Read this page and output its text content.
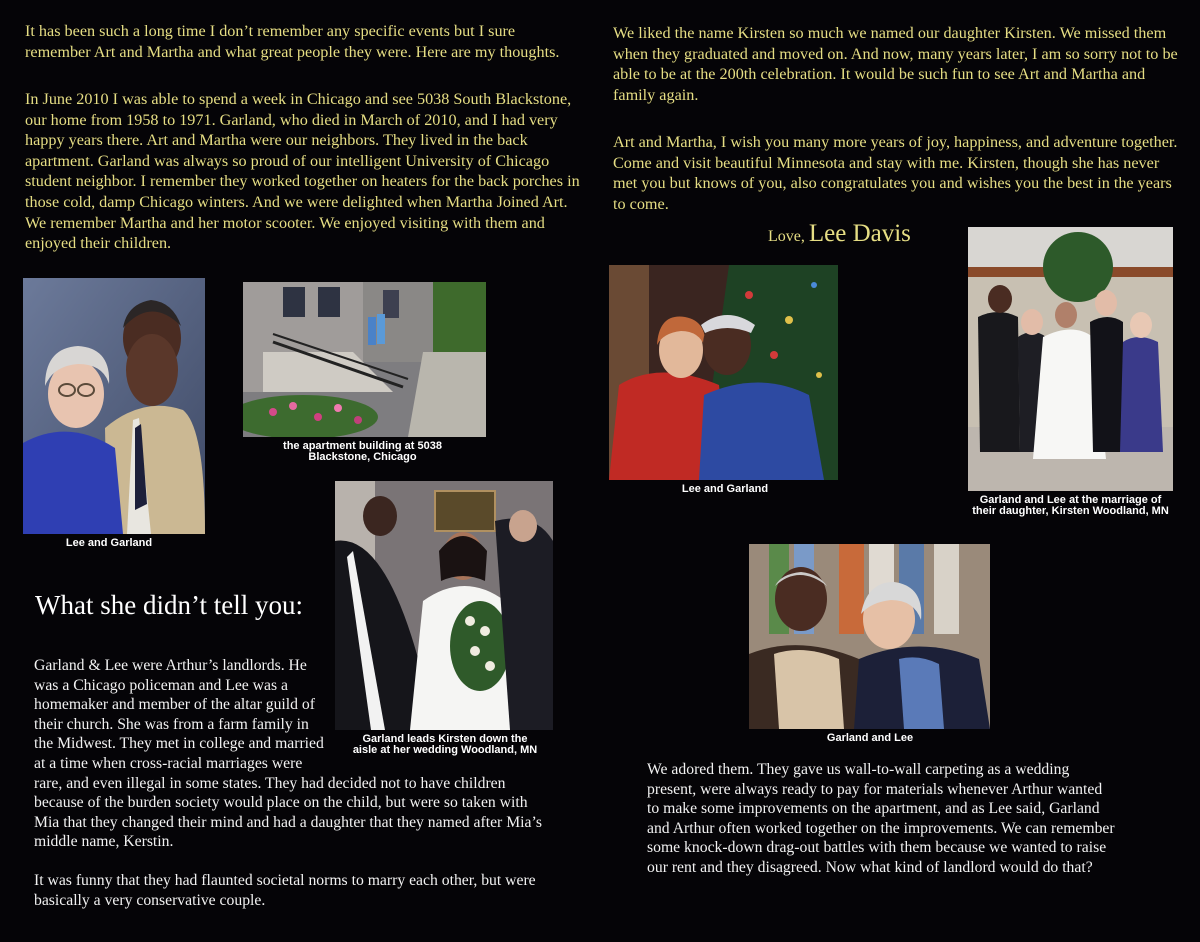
It has been such a long time I don’t remember any specific events but I sure remember Art and Martha and what great people they were. Here are my thoughts.

In June 2010 I was able to spend a week in Chicago and see 5038 South Blackstone, our home from 1958 to 1971. Garland, who died in March of 2010, and I had very happy years there. Art and Martha were our neighbors. They lived in the back apartment. Garland was always so proud of our intelligent University of Chicago student neighbor. I remember they worked together on heaters for the back porches in those cold, damp Chicago winters. And we were delighted when Martha Joined Art. We remember Martha and her motor scooter. We enjoyed visiting with them and enjoyed their children.

Lee and Garland
the apartment building at 5038 Blackstone, Chicago
Garland leads Kirsten down the aisle at her wedding Woodland, MN
What she didn’t tell you:

Garland & Lee were Arthur’s landlords. He was a Chicago policeman and Lee was a homemaker and member of the altar guild of their church. She was from a farm family in the Midwest. They met in college and married at a time when cross-racial marriages were rare, and even illegal in some states. They had decided not to have children because of the burden society would place on the child, but were so taken with Mia that they changed their mind and had a daughter that they named after Mia’s middle name, Kerstin.

It was funny that they had flaunted societal norms to marry each other, but were basically a very conservative couple.

We liked the name Kirsten so much we named our daughter Kirsten. We missed them when they graduated and moved on. And now, many years later, I am so sorry not to be able to be at the 200th celebration. It would be such fun to see Art and Martha and family again.

Art and Martha, I wish you many more years of joy, happiness, and adventure together. Come and visit beautiful Minnesota and stay with me. Kirsten, though she has never met you but knows of you, also congratulates you and wishes you the best in the years to come.

Love, Lee Davis
Lee and Garland
Garland and Lee at the marriage of their daughter, Kirsten Woodland, MN
Garland and Lee

We adored them. They gave us wall-to-wall carpeting as a wedding present, were always ready to pay for materials whenever Arthur wanted to make some improvements on the apartment, and as Lee said, Garland and Arthur often worked together on the improvements. We can remember some knock-down drag-out battles with them because we wanted to raise our rent and they disagreed. Now what kind of landlord would do that?
